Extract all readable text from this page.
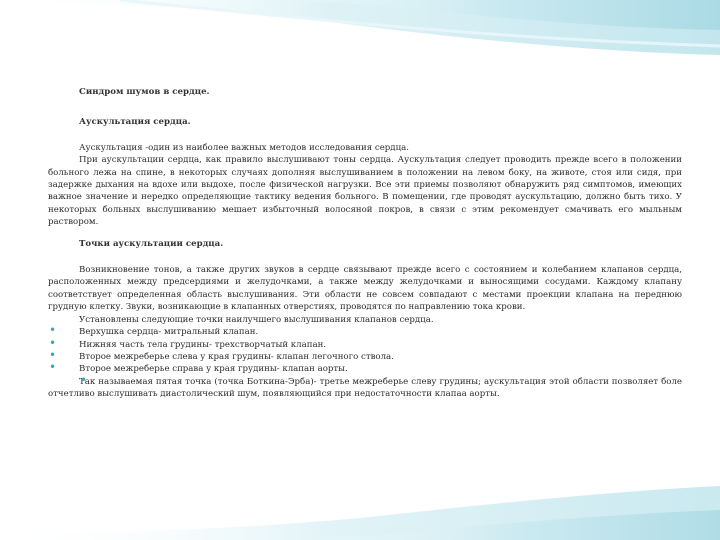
Синдром шумов в сердце.
Аускультация сердца.

Аускультация -один из наиболее важных методов исследования сердца.

При аускультации сердца, как правило выслушивают тоны сердца. Аускультация следует проводить прежде всего в положении больного лежа на спине, в некоторых случаях дополняя выслушиванием в положении на левом боку, на животе, стоя или сидя, при задержке дыхания на вдохе или выдохе, после физической нагрузки. Все эти приемы позволяют обнаружить ряд симптомов, имеющих важное значение и нередко определяющие тактику ведения больного. В помещении, где проводят аускультацию, должно быть тихо. У некоторых больных выслушиванию мешает избыточный волосяной покров, в связи с этим рекомендует смачивать его мыльным раствором.

Точки аускультации сердца.

Возникновение тонов, а также других звуков в сердце связывают прежде всего с состоянием и колебанием клапанов сердца, расположенных между предсердиями и желудочками, а также между желудочками и выносящими сосудами. Каждому клапану соответствует определенная область выслушивания. Эти области не совсем совпадают с местами проекции клапана на переднюю грудную клетку. Звуки, возникающие в клапанных отверстиях, проводятся по направлению тока крови.

Установлены следующие точки наилучшего выслушивания клапанов сердца.

• Верхушка сердца- митральный клапан.
• Нижняя часть тела грудины- трехстворчатый клапан.
• Второе межреберье слева у края грудины- клапан легочного ствола.
• Второе межреберье справа у края грудины- клапан аорты.
• Так называемая пятая точка (точка Боткина-Эрба)- третье межреберье слеву грудины; аускультация этой области позволяет боле отчетливо выслушивать диастолический шум, появляющийся при недостаточности клапаа аорты.
